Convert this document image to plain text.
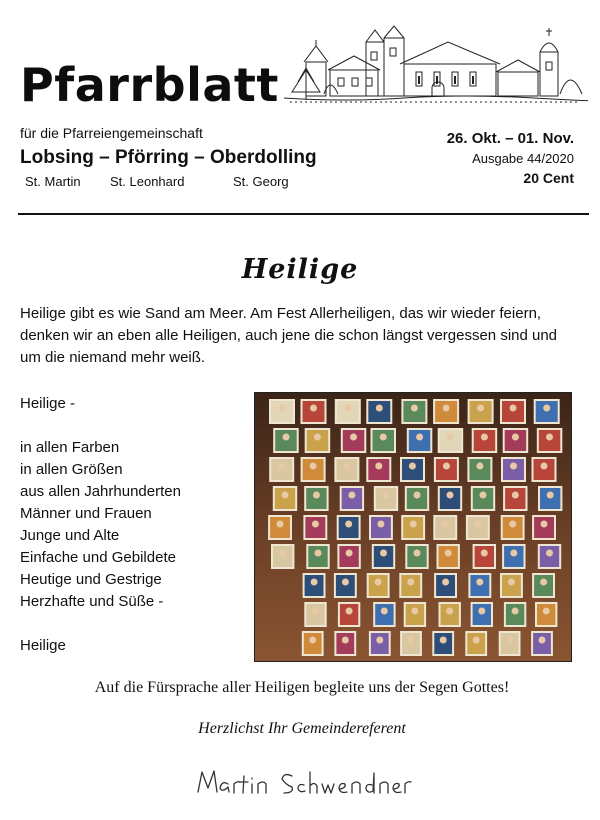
Pfarrblatt
für die Pfarreiengemeinschaft
Lobsing – Pförring – Oberdolling
St. Martin St. Leonhard	St. Georg
26. Okt. – 01. Nov.
Ausgabe 44/2020
20 Cent
Heilige
Heilige gibt es wie Sand am Meer. Am Fest Allerheiligen, das wir wieder feiern, denken wir an eben alle Heiligen, auch jene die schon längst vergessen sind und um die niemand mehr weiß.
Heilige -
in allen Farben
in allen Größen
aus allen Jahrhunderten
Männer und Frauen
Junge und Alte
Einfache und Gebildete
Heutige und Gestrige
Herzhafte und Süße -
Heilige
Auf die Fürsprache aller Heiligen begleite uns der Segen Gottes!
Herzlichst Ihr Gemeindereferent
